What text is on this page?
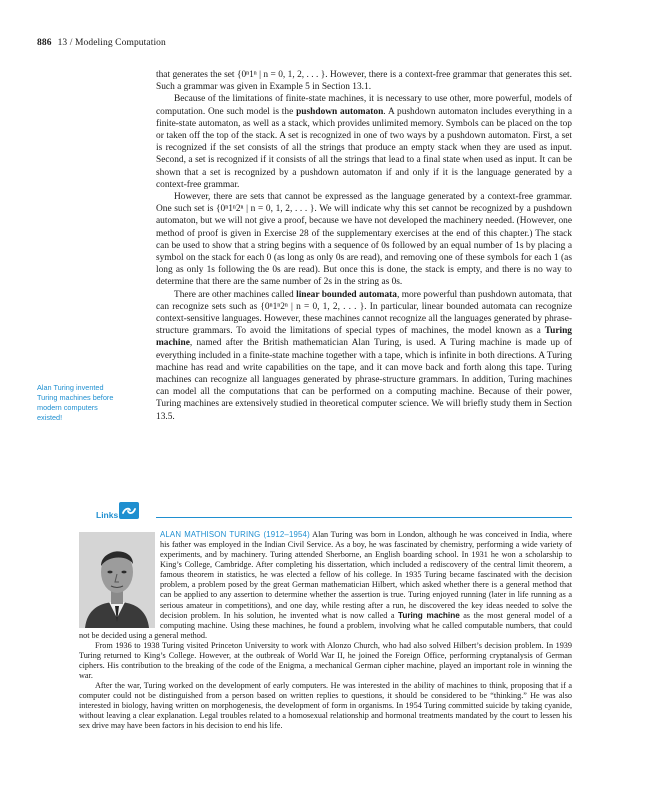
886 13 / Modeling Computation

that generates the set {0ⁿ1ⁿ | n = 0, 1, 2, . . . }. However, there is a context-free grammar that generates this set. Such a grammar was given in Example 5 in Section 13.1.

Because of the limitations of finite-state machines, it is necessary to use other, more powerful, models of computation. One such model is the pushdown automaton. A pushdown automaton includes everything in a finite-state automaton, as well as a stack, which provides unlimited memory. Symbols can be placed on the top or taken off the top of the stack. A set is recognized in one of two ways by a pushdown automaton. First, a set is recognized if the set consists of all the strings that produce an empty stack when they are used as input. Second, a set is recognized if it consists of all the strings that lead to a final state when used as input. It can be shown that a set is recognized by a pushdown automaton if and only if it is the language generated by a context-free grammar.

However, there are sets that cannot be expressed as the language generated by a context-free grammar. One such set is {0ⁿ1ⁿ2ⁿ | n = 0, 1, 2, . . . }. We will indicate why this set cannot be recognized by a pushdown automaton, but we will not give a proof, because we have not developed the machinery needed. (However, one method of proof is given in Exercise 28 of the supplementary exercises at the end of this chapter.) The stack can be used to show that a string begins with a sequence of 0s followed by an equal number of 1s by placing a symbol on the stack for each 0 (as long as only 0s are read), and removing one of these symbols for each 1 (as long as only 1s following the 0s are read). But once this is done, the stack is empty, and there is no way to determine that there are the same number of 2s in the string as 0s.

There are other machines called linear bounded automata, more powerful than pushdown automata, that can recognize sets such as {0ⁿ1ⁿ2ⁿ | n = 0, 1, 2, . . . }. In particular, linear bounded automata can recognize context-sensitive languages. However, these machines cannot recognize all the languages generated by phrase-structure grammars. To avoid the limitations of special types of machines, the model known as a Turing machine, named after the British mathematician Alan Turing, is used. A Turing machine is made up of everything included in a finite-state machine together with a tape, which is infinite in both directions. A Turing machine has read and write capabilities on the tape, and it can move back and forth along this tape. Turing machines can recognize all languages generated by phrase-structure grammars. In addition, Turing machines can model all the computations that can be performed on a computing machine. Because of their power, Turing machines are extensively studied in theoretical computer science. We will briefly study them in Section 13.5.

Alan Turing invented Turing machines before modern computers existed!
Links

ALAN MATHISON TURING (1912–1954) Alan Turing was born in London, although he was conceived in India, where his father was employed in the Indian Civil Service. As a boy, he was fascinated by chemistry, performing a wide variety of experiments, and by machinery. Turing attended Sherborne, an English boarding school. In 1931 he won a scholarship to King’s College, Cambridge. After completing his dissertation, which included a rediscovery of the central limit theorem, a famous theorem in statistics, he was elected a fellow of his college. In 1935 Turing became fascinated with the decision problem, a problem posed by the great German mathematician Hilbert, which asked whether there is a general method that can be applied to any assertion to determine whether the assertion is true. Turing enjoyed running (later in life running as a serious amateur in competitions), and one day, while resting after a run, he discovered the key ideas needed to solve the decision problem. In his solution, he invented what is now called a Turing machine as the most general model of a computing machine. Using these machines, he found a problem, involving what he called computable numbers, that could not be decided using a general method.

From 1936 to 1938 Turing visited Princeton University to work with Alonzo Church, who had also solved Hilbert’s decision problem. In 1939 Turing returned to King’s College. However, at the outbreak of World War II, he joined the Foreign Office, performing cryptanalysis of German ciphers. His contribution to the breaking of the code of the Enigma, a mechanical German cipher machine, played an important role in winning the war.

After the war, Turing worked on the development of early computers. He was interested in the ability of machines to think, proposing that if a computer could not be distinguished from a person based on written replies to questions, it should be considered to be “thinking.” He was also interested in biology, having written on morphogenesis, the development of form in organisms. In 1954 Turing committed suicide by taking cyanide, without leaving a clear explanation. Legal troubles related to a homosexual relationship and hormonal treatments mandated by the court to lessen his sex drive may have been factors in his decision to end his life.
